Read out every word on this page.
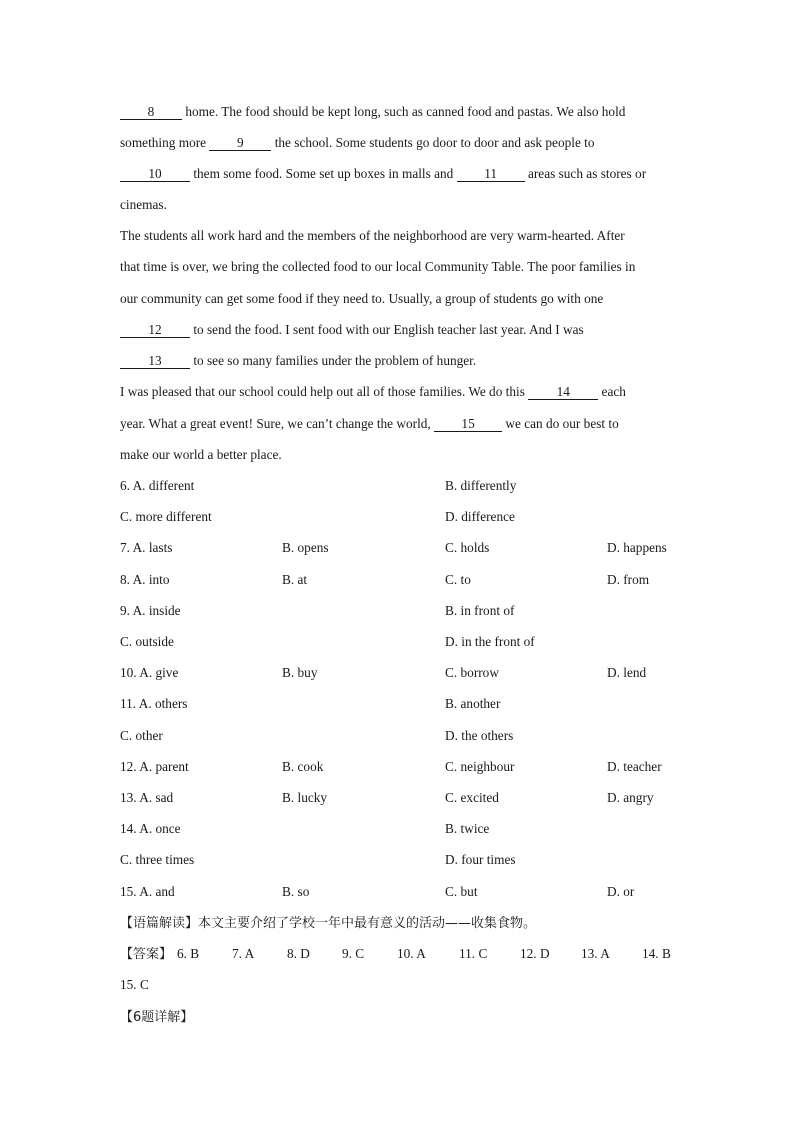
8 home. The food should be kept long, such as canned food and pastas. We also hold
something more 9 the school. Some students go door to door and ask people to
10 them some food. Some set up boxes in malls and 11 areas such as stores or
cinemas.
The students all work hard and the members of the neighborhood are very warm-hearted. After
that time is over, we bring the collected food to our local Community Table. The poor families in
our community can get some food if they need to. Usually, a group of students go with one
12 to send the food. I sent food with our English teacher last year. And I was
13 to see so many families under the problem of hunger.
I was pleased that our school could help out all of those families. We do this 14 each
year. What a great event! Sure, we can’t change the world, 15 we can do our best to
make our world a better place.
6. A. different	B. differently
C. more different	D. difference
7. A. lasts	B. opens	C. holds	D. happens
8. A. into	B. at	C. to	D. from
9. A. inside	B. in front of
C. outside	D. in the front of
10. A. give	B. buy	C. borrow	D. lend
11. A. others	B. another
C. other	D. the others
12. A. parent	B. cook	C. neighbour	D. teacher
13. A. sad	B. lucky	C. excited	D. angry
14. A. once	B. twice
C. three times	D. four times
15. A. and	B. so	C. but	D. or
【语篇解读】本文主要介绍了学校一年中最有意义的活动——收集食物。
【答案】 6. B 7. A 8. D 9. C 10. A 11. C 12. D 13. A 14. B
15. C
【6题详解】
